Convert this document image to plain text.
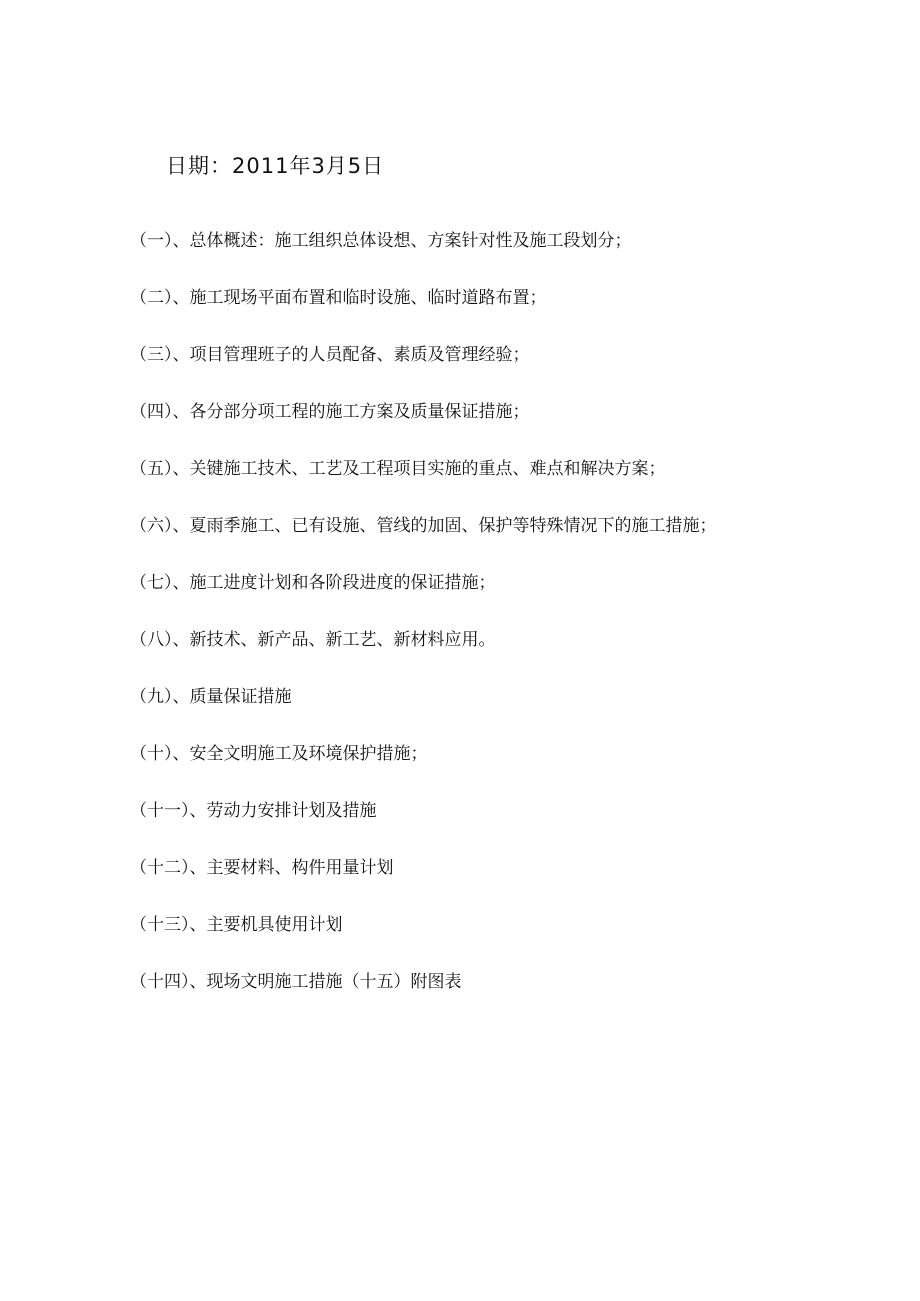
日期：2011年3月5日
（一）、总体概述：施工组织总体设想、方案针对性及施工段划分；
（二）、施工现场平面布置和临时设施、临时道路布置；
（三）、项目管理班子的人员配备、素质及管理经验；
（四）、各分部分项工程的施工方案及质量保证措施；
（五）、关键施工技术、工艺及工程项目实施的重点、难点和解决方案；
（六）、夏雨季施工、已有设施、管线的加固、保护等特殊情况下的施工措施；
（七）、施工进度计划和各阶段进度的保证措施；
（八）、新技术、新产品、新工艺、新材料应用。
（九）、质量保证措施
（十）、安全文明施工及环境保护措施；
（十一）、劳动力安排计划及措施
（十二）、主要材料、构件用量计划
（十三）、主要机具使用计划
（十四）、现场文明施工措施（十五）附图表
